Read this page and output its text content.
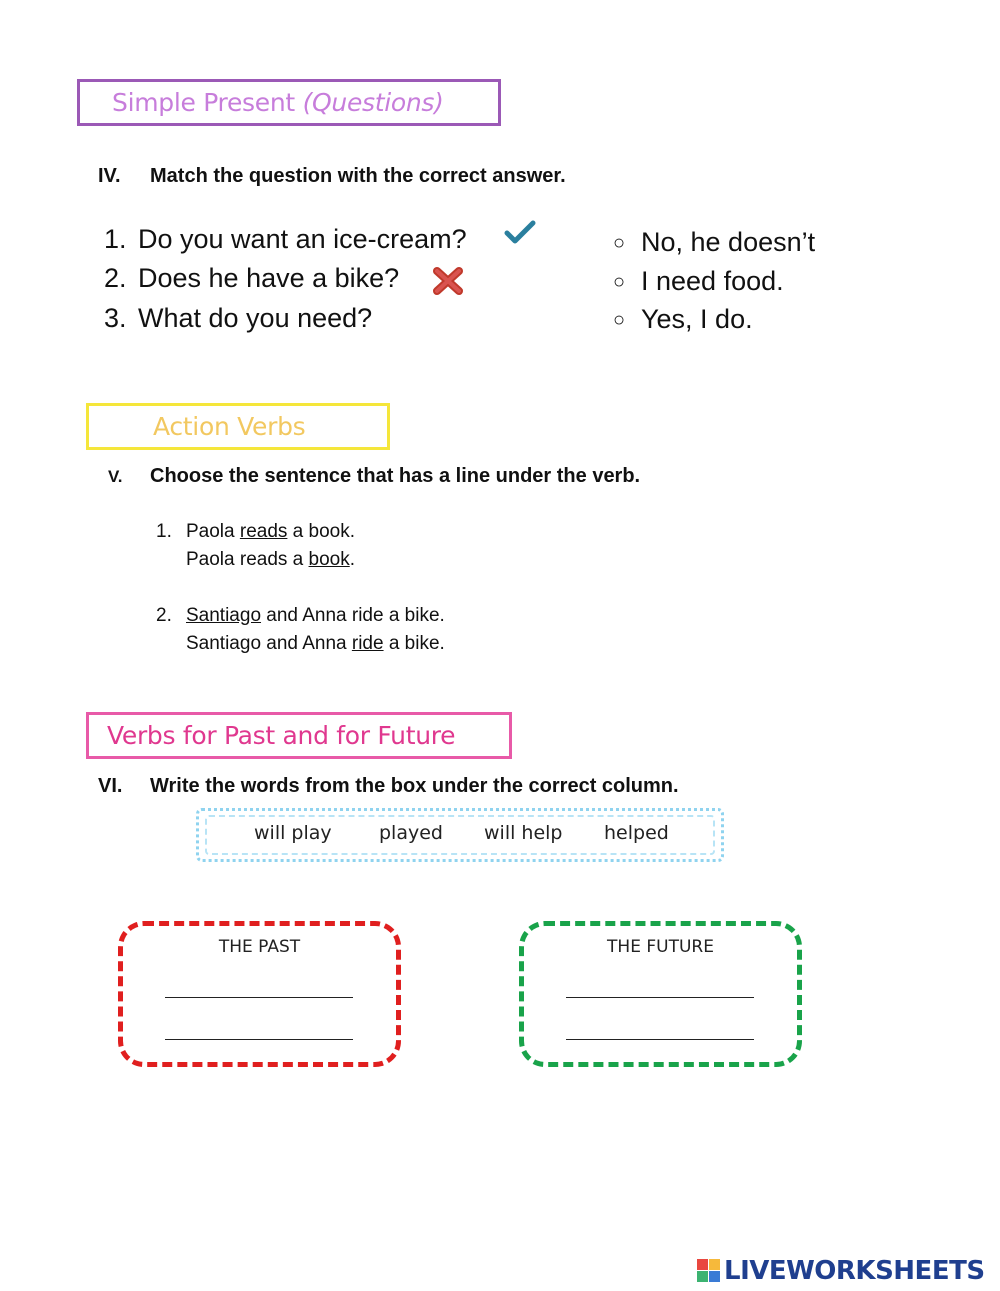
Simple Present (Questions)
IV. Match the question with the correct answer.
1. Do you want an ice-cream?
2. Does he have a bike?
3. What do you need?
○ No, he doesn’t
○ I need food.
○ Yes, I do.
Action Verbs
V. Choose the sentence that has a line under the verb.
1. Paola reads a book.
Paola reads a book.
2. Santiago and Anna ride a bike.
Santiago and Anna ride a bike.
Verbs for Past and for Future
VI. Write the words from the box under the correct column.
will play played will help helped
THE PAST	THE FUTURE
LIVEWORKSHEETS
